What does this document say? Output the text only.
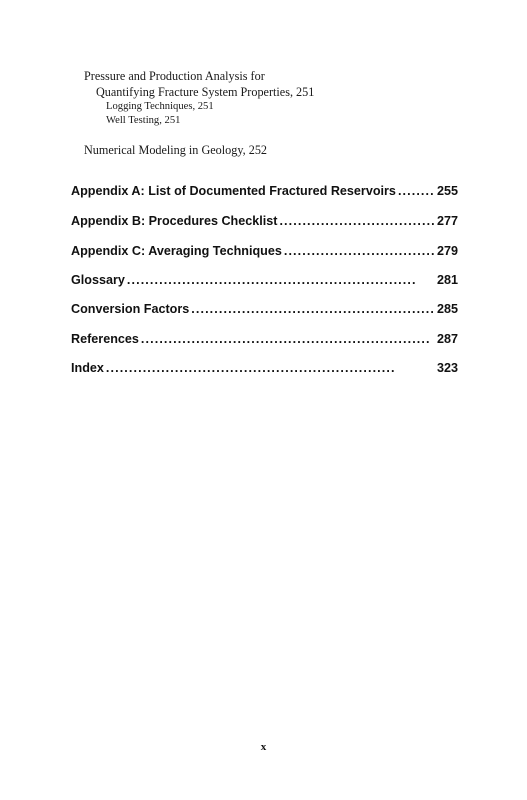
Pressure and Production Analysis for
Quantifying Fracture System Properties, 251
Logging Techniques, 251
Well Testing, 251
Numerical Modeling in Geology, 252
Appendix A: List of Documented Fractured Reservoirs . . .	255
Appendix B: Procedures Checklist . . .	277
Appendix C: Averaging Techniques . . .	279
Glossary . . .	281
Conversion Factors . . .	285
References . . .	287
Index . . .	323
x
